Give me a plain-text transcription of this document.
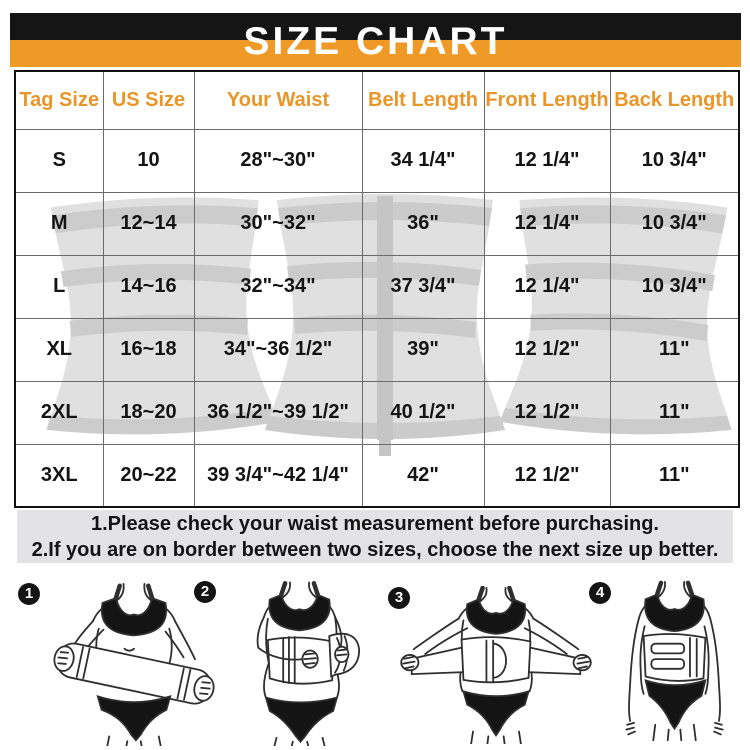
SIZE CHART
Tag Size	US Size	Your Waist	Belt Length	Front Length	Back Length
S	10	28"~30"	34 1/4"	12 1/4"	10 3/4"
M	12~14	30"~32"	36"	12 1/4"	10 3/4"
L	14~16	32"~34"	37 3/4"	12 1/4"	10 3/4"
XL	16~18	34"~36 1/2"	39"	12 1/2"	11"
2XL	18~20	36 1/2"~39 1/2"	40 1/2"	12 1/2"	11"
3XL	20~22	39 3/4"~42 1/4"	42"	12 1/2"	11"

1.Please check your waist measurement before purchasing.

2.If you are on border between two sizes, choose the next size up better.

1	2	3	4
